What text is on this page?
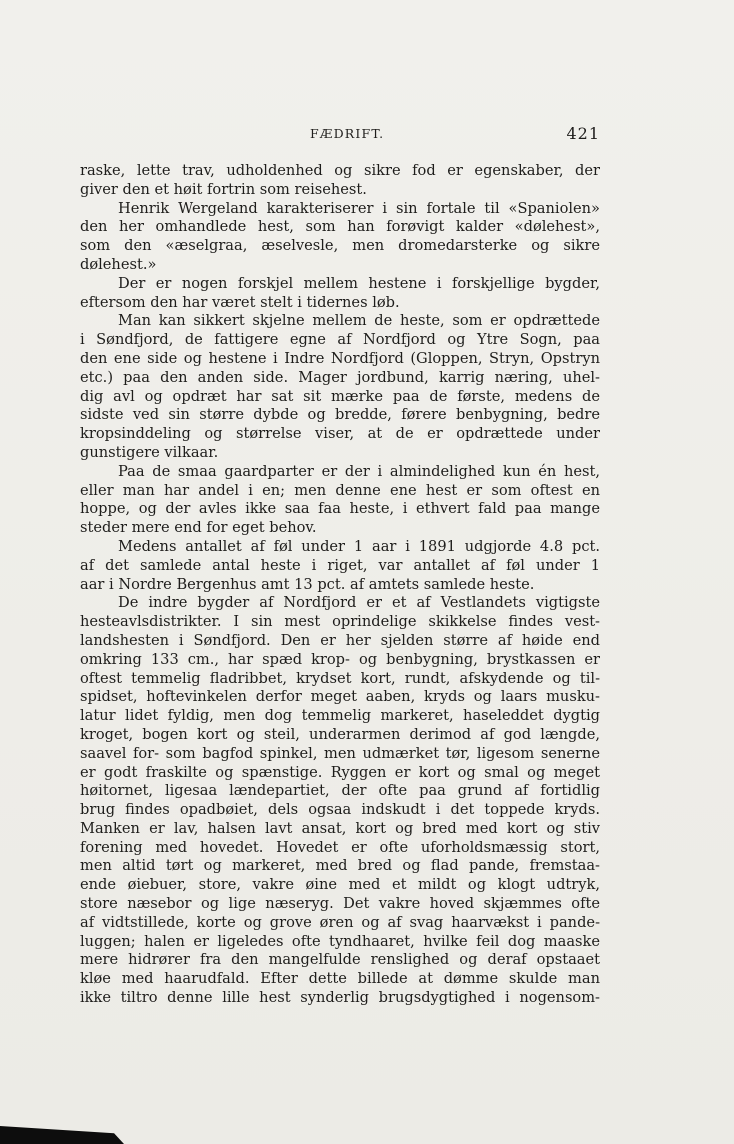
FÆDRIFT.	421
raske, lette trav, udholdenhed og sikre fod er egenskaber, der
giver den et høit fortrin som reisehest.
Henrik Wergeland karakteriserer i sin fortale til «Spaniolen»
den her omhandlede hest, som han forøvigt kalder «dølehest»,
som den «æselgraa, æselvesle, men dromedarsterke og sikre
dølehest.»
Der er nogen forskjel mellem hestene i forskjellige bygder,
eftersom den har været stelt i tidernes løb.
Man kan sikkert skjelne mellem de heste, som er opdrættede
i Søndfjord, de fattigere egne af Nordfjord og Ytre Sogn, paa
den ene side og hestene i Indre Nordfjord (Gloppen, Stryn, Opstryn
etc.) paa den anden side. Mager jordbund, karrig næring, uhel-
dig avl og opdræt har sat sit mærke paa de første, medens de
sidste ved sin større dybde og bredde, førere benbygning, bedre
kropsinddeling og størrelse viser, at de er opdrættede under
gunstigere vilkaar.
Paa de smaa gaardparter er der i almindelighed kun én hest,
eller man har andel i en; men denne ene hest er som oftest en
hoppe, og der avles ikke saa faa heste, i ethvert fald paa mange
steder mere end for eget behov.
Medens antallet af føl under 1 aar i 1891 udgjorde 4.8 pct.
af det samlede antal heste i riget, var antallet af føl under 1
aar i Nordre Bergenhus amt 13 pct. af amtets samlede heste.
De indre bygder af Nordfjord er et af Vestlandets vigtigste
hesteavlsdistrikter. I sin mest oprindelige skikkelse findes vest-
landshesten i Søndfjord. Den er her sjelden større af høide end
omkring 133 cm., har spæd krop- og benbygning, brystkassen er
oftest temmelig fladribbet, krydset kort, rundt, afskydende og til-
spidset, hoftevinkelen derfor meget aaben, kryds og laars musku-
latur lidet fyldig, men dog temmelig markeret, haseleddet dygtig
kroget, bogen kort og steil, underarmen derimod af god længde,
saavel for- som bagfod spinkel, men udmærket tør, ligesom senerne
er godt fraskilte og spænstige. Ryggen er kort og smal og meget
høitornet, ligesaa lændepartiet, der ofte paa grund af fortidlig
brug findes opadbøiet, dels ogsaa indskudt i det toppede kryds.
Manken er lav, halsen lavt ansat, kort og bred med kort og stiv
forening med hovedet. Hovedet er ofte uforholdsmæssig stort,
men altid tørt og markeret, med bred og flad pande, fremstaa-
ende øiebuer, store, vakre øine med et mildt og klogt udtryk,
store næsebor og lige næseryg. Det vakre hoved skjæmmes ofte
af vidtstillede, korte og grove øren og af svag haarvækst i pande-
luggen; halen er ligeledes ofte tyndhaaret, hvilke feil dog maaske
mere hidrører fra den mangelfulde renslighed og deraf opstaaet
kløe med haarudfald. Efter dette billede at dømme skulde man
ikke tiltro denne lille hest synderlig brugsdygtighed i nogensom-
